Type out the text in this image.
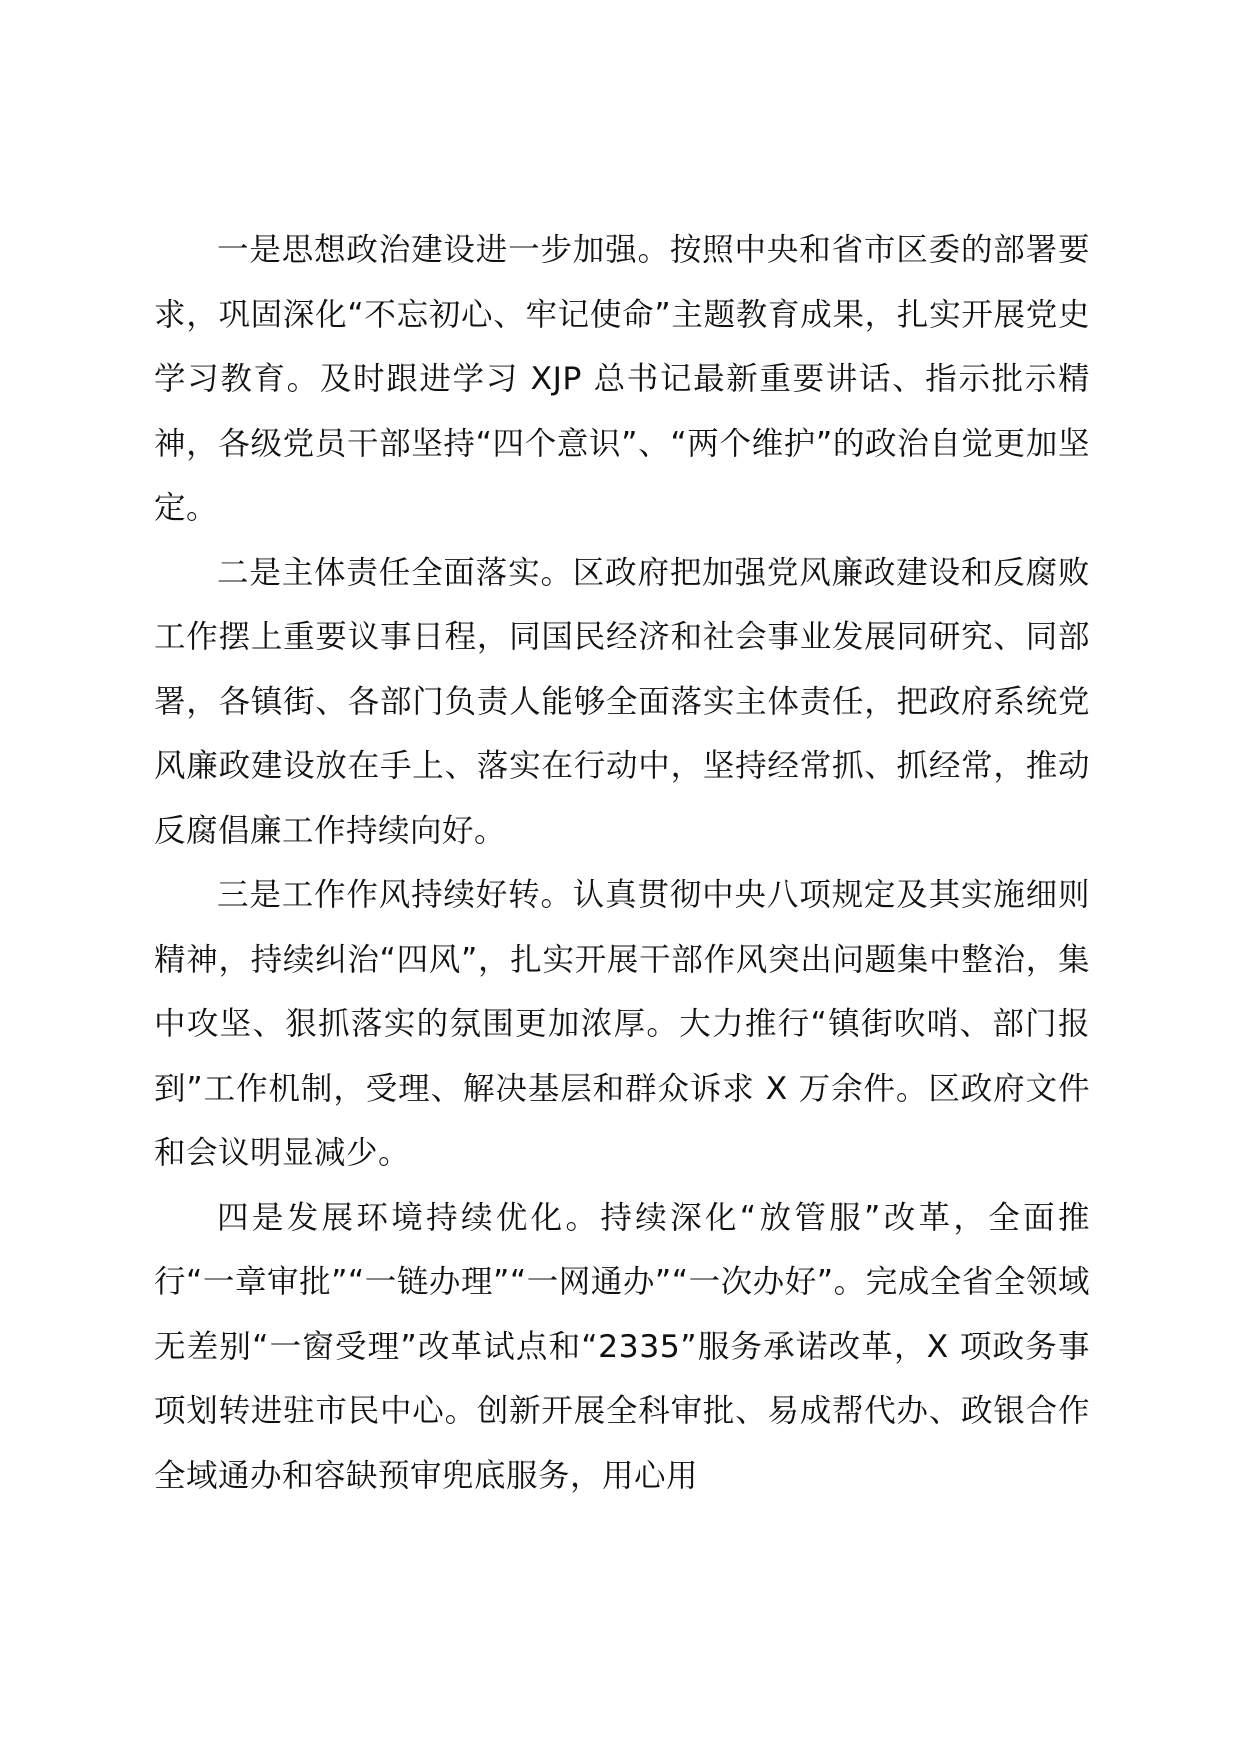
一是思想政治建设进一步加强。按照中央和省市区委的部署要求，巩固深化“不忘初心、牢记使命”主题教育成果，扎实开展党史学习教育。及时跟进学习 XJP 总书记最新重要讲话、指示批示精神，各级党员干部坚持“四个意识”、“两个维护”的政治自觉更加坚定。

二是主体责任全面落实。区政府把加强党风廉政建设和反腐败工作摆上重要议事日程，同国民经济和社会事业发展同研究、同部署，各镇街、各部门负责人能够全面落实主体责任，把政府系统党风廉政建设放在手上、落实在行动中，坚持经常抓、抓经常，推动反腐倡廉工作持续向好。

三是工作作风持续好转。认真贯彻中央八项规定及其实施细则精神，持续纠治“四风”，扎实开展干部作风突出问题集中整治，集中攻坚、狠抓落实的氛围更加浓厚。大力推行“镇街吹哨、部门报到”工作机制，受理、解决基层和群众诉求 X 万余件。区政府文件和会议明显减少。

四是发展环境持续优化。持续深化“放管服”改革，全面推行“一章审批”“一链办理”“一网通办”“一次办好”。完成全省全领域无差别“一窗受理”改革试点和“2335”服务承诺改革，X 项政务事项划转进驻市民中心。创新开展全科审批、易成帮代办、政银合作全域通办和容缺预审兜底服务，用心用
